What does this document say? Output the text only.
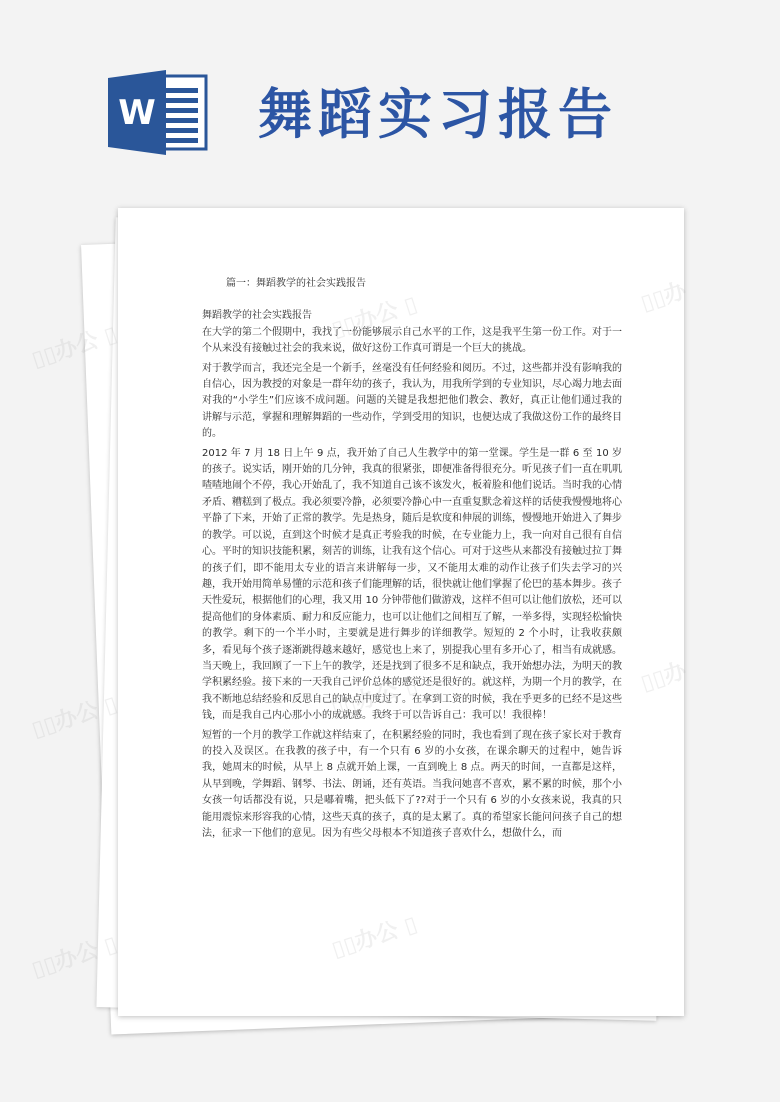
W 舞蹈实习报告
篇一：舞蹈教学的社会实践报告
舞蹈教学的社会实践报告

在大学的第二个假期中，我找了一份能够展示自己水平的工作，这是我平生第一份工作。对于一个从来没有接触过社会的我来说，做好这份工作真可谓是一个巨大的挑战。

对于教学而言，我还完全是一个新手，丝毫没有任何经验和阅历。不过，这些都并没有影响我的自信心，因为教授的对象是一群年幼的孩子，我认为，用我所学到的专业知识，尽心竭力地去面对我的“小学生”们应该不成问题。问题的关键是我想把他们教会、教好，真正让他们通过我的讲解与示范，掌握和理解舞蹈的一些动作，学到受用的知识，也便达成了我做这份工作的最终目的。

2012 年 7 月 18 日上午 9 点，我开始了自己人生教学中的第一堂课。学生是一群 6 至 10 岁的孩子。说实话，刚开始的几分钟，我真的很紧张，即便准备得很充分。听见孩子们一直在叽叽喳喳地闹个不停，我心开始乱了，我不知道自己该不该发火，板着脸和他们说话。当时我的心情矛盾、糟糕到了极点。我必须要冷静，必须要冷静心中一直重复默念着这样的话使我慢慢地将心平静了下来，开始了正常的教学。先是热身，随后是软度和伸展的训练，慢慢地开始进入了舞步的教学。可以说，直到这个时候才是真正考验我的时候，在专业能力上，我一向对自己很有自信心。平时的知识技能积累，刻苦的训练，让我有这个信心。可对于这些从来都没有接触过拉丁舞的孩子们，即不能用太专业的语言来讲解每一步，又不能用太难的动作让孩子们失去学习的兴趣，我开始用简单易懂的示范和孩子们能理解的话，很快就让他们掌握了伦巴的基本舞步。孩子天性爱玩，根据他们的心理，我又用 10 分钟带他们做游戏，这样不但可以让他们放松，还可以提高他们的身体素质、耐力和反应能力，也可以让他们之间相互了解，一举多得，实现轻松愉快的教学。剩下的一个半小时，主要就是进行舞步的详细教学。短短的 2 个小时，让我收获颇多，看见每个孩子逐渐跳得越来越好，感觉也上来了，别提我心里有多开心了，相当有成就感。当天晚上，我回顾了一下上午的教学，还是找到了很多不足和缺点，我开始想办法，为明天的教学积累经验。接下来的一天我自己评价总体的感觉还是很好的。就这样，为期一个月的教学，在我不断地总结经验和反思自己的缺点中度过了。在拿到工资的时候，我在乎更多的已经不是这些钱，而是我自己内心那小小的成就感。我终于可以告诉自己：我可以！我很棒！

短暂的一个月的教学工作就这样结束了，在积累经验的同时，我也看到了现在孩子家长对于教育的投入及误区。在我教的孩子中，有一个只有 6 岁的小女孩，在课余聊天的过程中，她告诉我，她周末的时候，从早上 8 点就开始上课，一直到晚上 8 点。两天的时间，一直都是这样，从早到晚，学舞蹈、钢琴、书法、朗诵，还有英语。当我问她喜不喜欢，累不累的时候，那个小女孩一句话都没有说，只是嘟着嘴，把头低下了??对于一个只有 6 岁的小女孩来说，我真的只能用震惊来形容我的心情，这些天真的孩子，真的是太累了。真的希望家长能问问孩子自己的想法，征求一下他们的意见。因为有些父母根本不知道孩子喜欢什么，想做什么，而

▯▯办公 ▯
▯▯办公 ▯
▯▯办公 ▯
